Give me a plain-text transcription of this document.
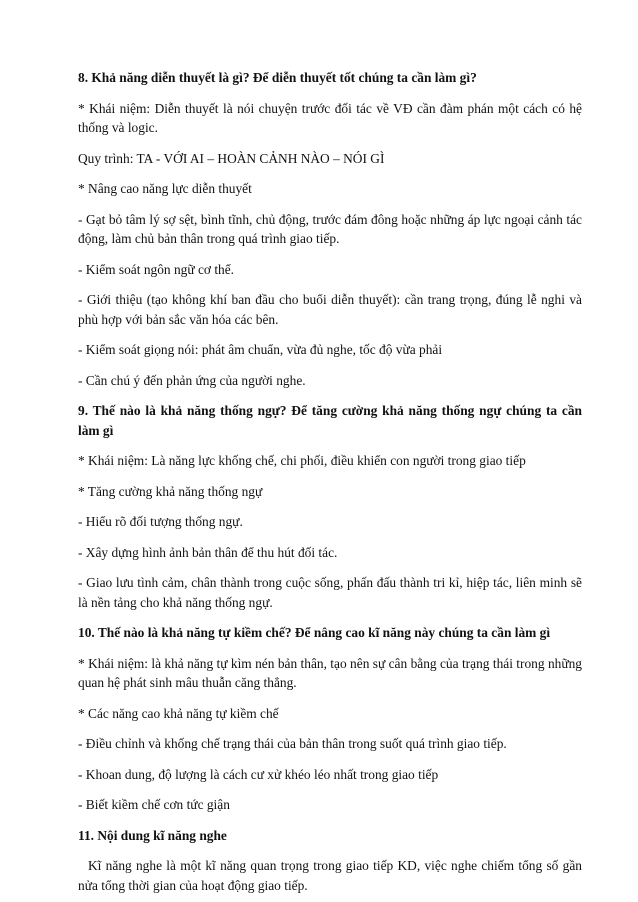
8. Khả năng diễn thuyết là gì? Để diễn thuyết tốt chúng ta cần làm gì?

* Khái niệm: Diễn thuyết là nói chuyện trước đối tác về VĐ cần đàm phán một cách có hệ thống và logic.

Quy trình: TA - VỚI AI – HOÀN CẢNH NÀO – NÓI GÌ

* Nâng cao năng lực diễn thuyết

- Gạt bỏ tâm lý sợ sệt, bình tĩnh, chủ động, trước đám đông hoặc những áp lực ngoại cảnh tác động, làm chủ bản thân trong quá trình giao tiếp.

- Kiểm soát ngôn ngữ cơ thể.

- Giới thiệu (tạo không khí ban đầu cho buổi diễn thuyết): cần trang trọng, đúng lễ nghi và phù hợp với bản sắc văn hóa các bên.

- Kiểm soát giọng nói: phát âm chuẩn, vừa đủ nghe, tốc độ vừa phải

- Cần chú ý đến phản ứng của người nghe.

9. Thế nào là khả năng thống ngự? Để tăng cường khả năng thống ngự chúng ta cần làm gì

* Khái niệm: Là năng lực khống chế, chi phối, điều khiển con người trong giao tiếp

* Tăng cường khả năng thống ngự

- Hiểu rõ đối tượng thống ngự.

- Xây dựng hình ảnh bản thân để thu hút đối tác.

- Giao lưu tình cảm, chân thành trong cuộc sống, phấn đấu thành tri kỉ, hiệp tác, liên minh sẽ là nền tảng cho khả năng thống ngự.

10. Thế nào là khả năng tự kiềm chế? Để nâng cao kĩ năng này chúng ta cần làm gì

* Khái niệm: là khả năng tự kìm nén bản thân, tạo nên sự cân bằng của trạng thái trong những quan hệ phát sinh mâu thuẫn căng thẳng.

* Các năng cao khả năng tự kiềm chế

- Điều chỉnh và khống chế trạng thái của bản thân trong suốt quá trình giao tiếp.

- Khoan dung, độ lượng là cách cư xử khéo léo nhất trong giao tiếp

- Biết kiềm chế cơn tức giận

11. Nội dung kĩ năng nghe

Kĩ năng nghe là một kĩ năng quan trọng trong giao tiếp KD, việc nghe chiếm tổng số gần nửa tổng thời gian của hoạt động giao tiếp.
